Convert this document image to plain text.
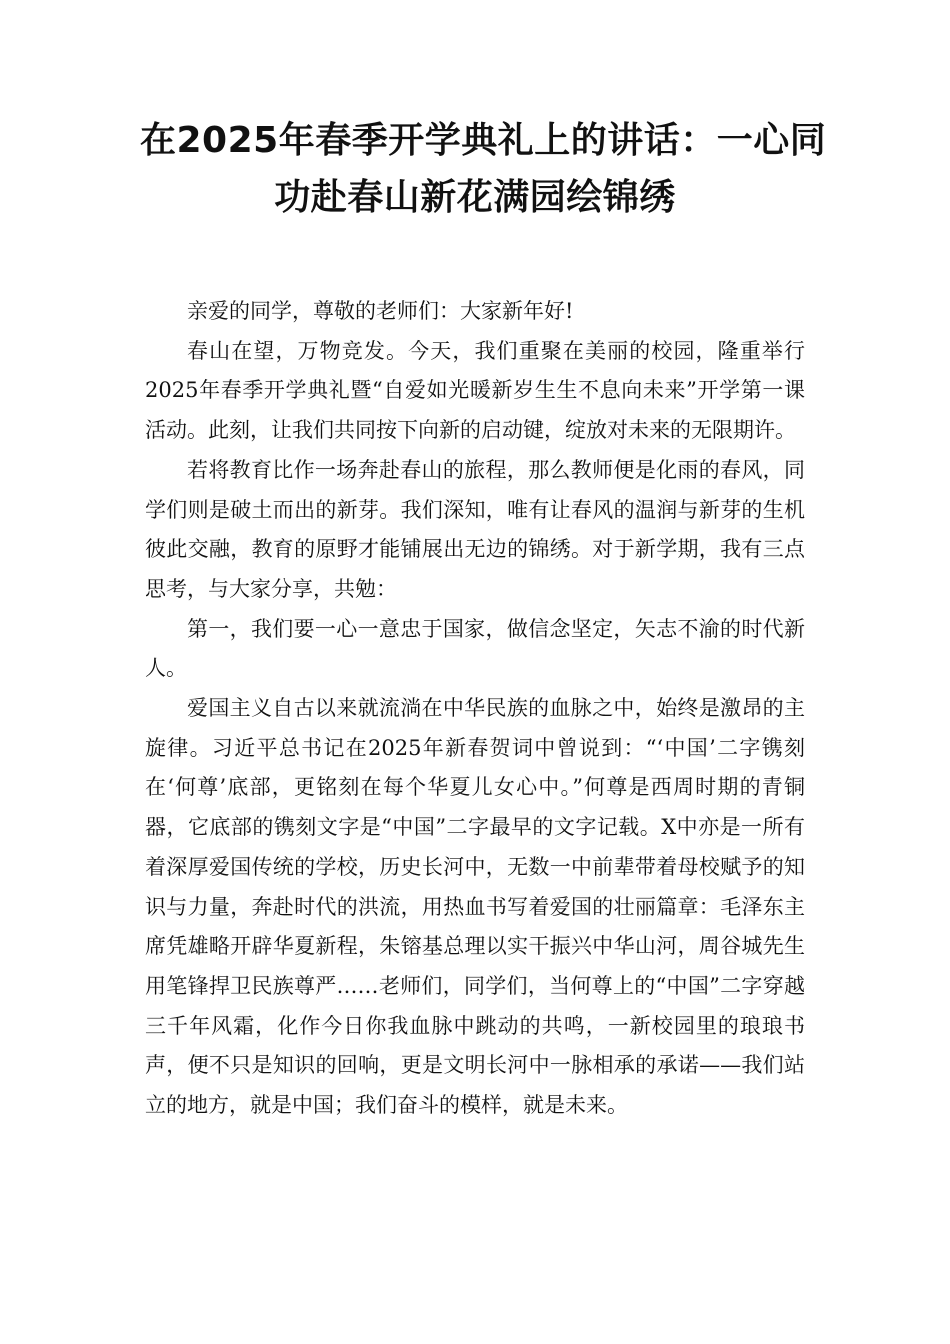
在2025年春季开学典礼上的讲话：一心同
功赴春山新花满园绘锦绣

亲爱的同学，尊敬的老师们：大家新年好!

春山在望，万物竞发。今天，我们重聚在美丽的校园，隆重举行2025年春季开学典礼暨“自爱如光暖新岁生生不息向未来”开学第一课活动。此刻，让我们共同按下向新的启动键，绽放对未来的无限期许。

若将教育比作一场奔赴春山的旅程，那么教师便是化雨的春风，同学们则是破土而出的新芽。我们深知，唯有让春风的温润与新芽的生机彼此交融，教育的原野才能铺展出无边的锦绣。对于新学期，我有三点思考，与大家分享，共勉：

第一，我们要一心一意忠于国家，做信念坚定，矢志不渝的时代新人。

爱国主义自古以来就流淌在中华民族的血脉之中，始终是激昂的主旋律。习近平总书记在2025年新春贺词中曾说到：“‘中国’二字镌刻在‘何尊’底部，更铭刻在每个华夏儿女心中。”何尊是西周时期的青铜器，它底部的镌刻文字是“中国”二字最早的文字记载。X中亦是一所有着深厚爱国传统的学校，历史长河中，无数一中前辈带着母校赋予的知识与力量，奔赴时代的洪流，用热血书写着爱国的壮丽篇章：毛泽东主席凭雄略开辟华夏新程，朱镕基总理以实干振兴中华山河，周谷城先生用笔锋捍卫民族尊严……老师们，同学们，当何尊上的“中国”二字穿越三千年风霜，化作今日你我血脉中跳动的共鸣，一新校园里的琅琅书声，便不只是知识的回响，更是文明长河中一脉相承的承诺——我们站立的地方，就是中国；我们奋斗的模样，就是未来。
